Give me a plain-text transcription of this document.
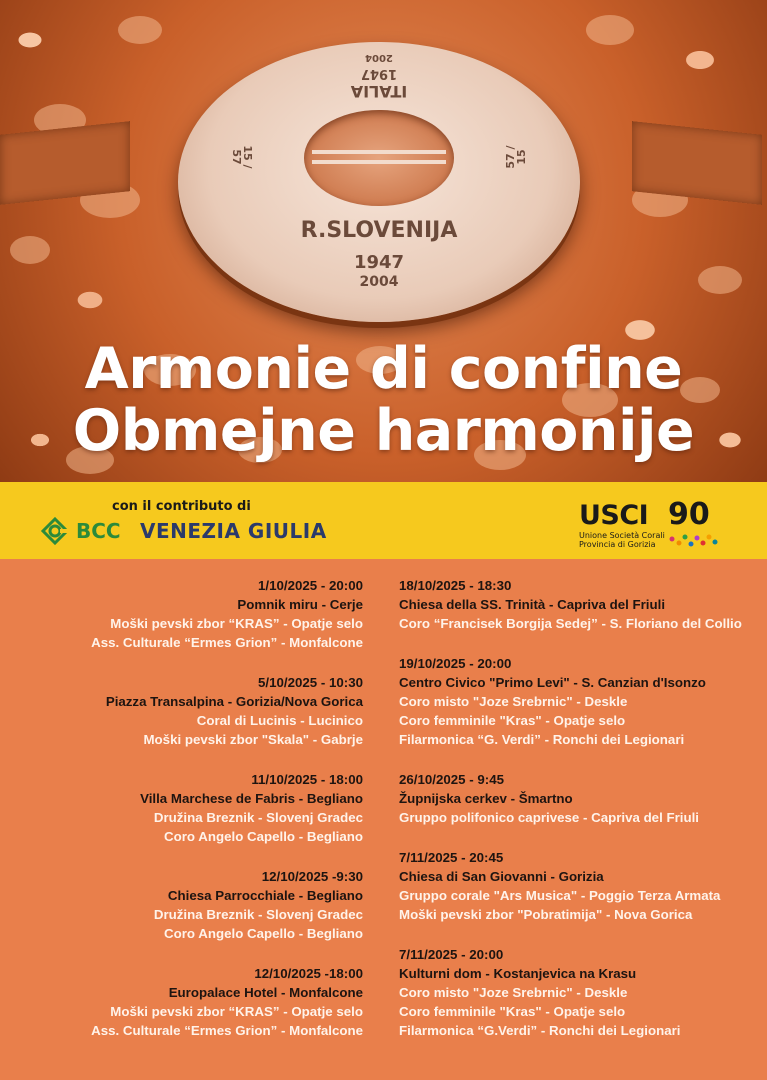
ITALIA
1947
2004
15 / 57	57 / 15
R.SLOVENIJA
1947
2004
Armonie di confine
Obmejne harmonije
con il contributo di
BCC VENEZIA GIULIA	USCI 90
Unione Società Corali
Provincia di Gorizia
1/10/2025 - 20:00
Pomnik miru - Cerje
Moški pevski zbor “KRAS” - Opatje selo
Ass. Culturale “Ermes Grion” - Monfalcone
5/10/2025 - 10:30
Piazza Transalpina - Gorizia/Nova Gorica
Coral di Lucinis - Lucinico
Moški pevski zbor "Skala" - Gabrje
11/10/2025 - 18:00
Villa Marchese de Fabris - Begliano
Družina Breznik - Slovenj Gradec
Coro Angelo Capello - Begliano
12/10/2025 -9:30
Chiesa Parrocchiale - Begliano
Družina Breznik - Slovenj Gradec
Coro Angelo Capello - Begliano
12/10/2025 -18:00
Europalace Hotel - Monfalcone
Moški pevski zbor “KRAS” - Opatje selo
Ass. Culturale “Ermes Grion” - Monfalcone
18/10/2025 - 18:30
Chiesa della SS. Trinità - Capriva del Friuli
Coro “Francisek Borgija Sedej” - S. Floriano del Collio
19/10/2025 - 20:00
Centro Civico "Primo Levi" - S. Canzian d'Isonzo
Coro misto "Joze Srebrnic" - Deskle
Coro femminile "Kras" - Opatje selo
Filarmonica “G. Verdi” - Ronchi dei Legionari
26/10/2025 - 9:45
Župnijska cerkev - Šmartno
Gruppo polifonico caprivese - Capriva del Friuli
7/11/2025 - 20:45
Chiesa di San Giovanni - Gorizia
Gruppo corale "Ars Musica" - Poggio Terza Armata
Moški pevski zbor "Pobratimija" - Nova Gorica
7/11/2025 - 20:00
Kulturni dom - Kostanjevica na Krasu
Coro misto "Joze Srebrnic" - Deskle
Coro femminile "Kras" - Opatje selo
Filarmonica “G.Verdi” - Ronchi dei Legionari
